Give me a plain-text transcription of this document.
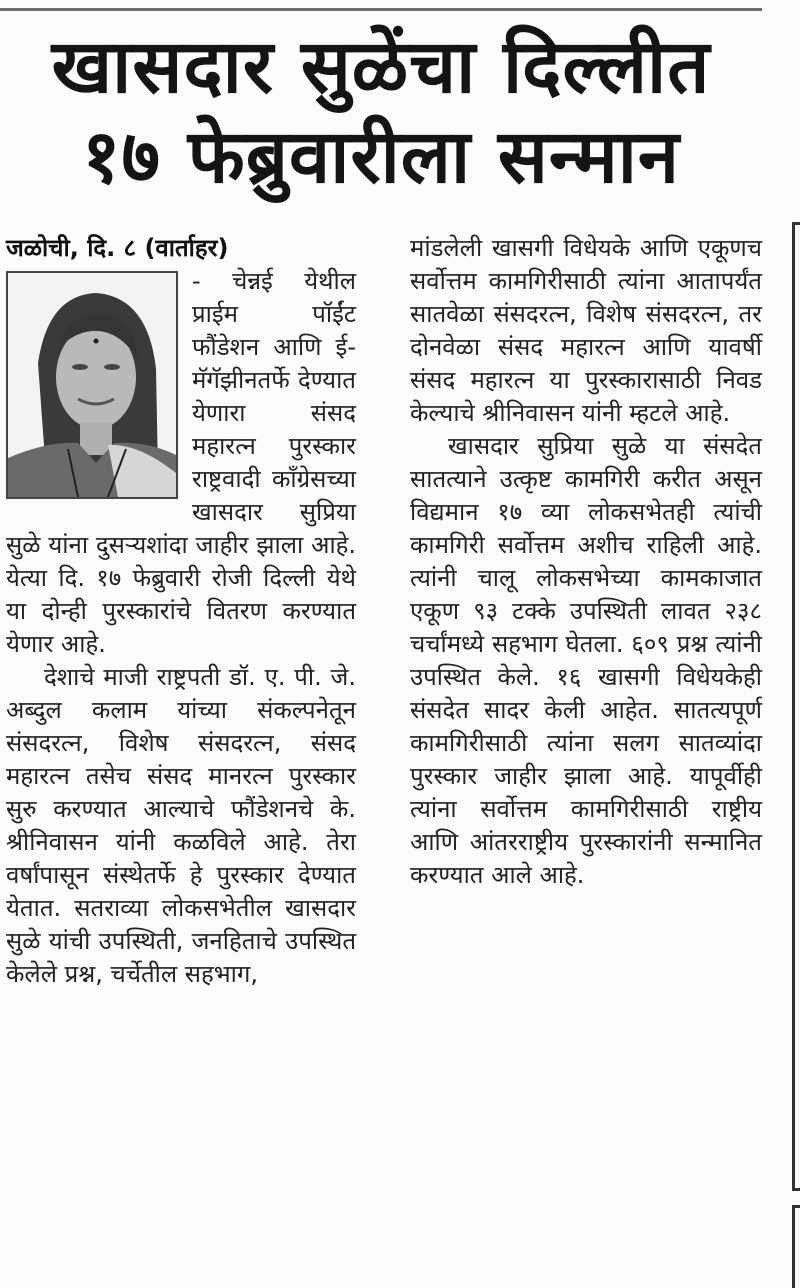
खासदार सुळेंचा दिल्लीत
१७ फेब्रुवारीला सन्मान

जळोची, दि. ८ (वार्ताहर)

- चेन्नई येथील प्राईम पॉईंट फौंडेशन आणि ई- मॅगॅझीनतर्फे देण्यात येणारा संसद महारत्न पुरस्कार राष्ट्रवादी काँग्रेसच्या खासदार सुप्रिया सुळे यांना दुसऱ्यशांदा जाहीर झाला आहे. येत्या दि. १७ फेब्रुवारी रोजी दिल्ली येथे या दोन्ही पुरस्कारांचे वितरण करण्यात येणार आहे.

देशाचे माजी राष्ट्रपती डॉ. ए. पी. जे. अब्दुल कलाम यांच्या संकल्पनेतून संसदरत्न, विशेष संसदरत्न, संसद महारत्न तसेच संसद मानरत्न पुरस्कार सुरु करण्यात आल्याचे फौंडेशनचे के. श्रीनिवासन यांनी कळविले आहे. तेरा वर्षांपासून संस्थेतर्फे हे पुरस्कार देण्यात येतात. सतराव्या लोकसभेतील खासदार सुळे यांची उपस्थिती, जनहिताचे उपस्थित केलेले प्रश्न, चर्चेतील सहभाग,

मांडलेली खासगी विधेयके आणि एकूणच सर्वोत्तम कामगिरीसाठी त्यांना आतापर्यंत सातवेळा संसदरत्न, विशेष संसदरत्न, तर दोनवेळा संसद महारत्न आणि यावर्षी संसद महारत्न या पुरस्कारासाठी निवड केल्याचे श्रीनिवासन यांनी म्हटले आहे.

खासदार सुप्रिया सुळे या संसदेत सातत्याने उत्कृष्ट कामगिरी करीत असून विद्यमान १७ व्या लोकसभेतही त्यांची कामगिरी सर्वोत्तम अशीच राहिली आहे. त्यांनी चालू लोकसभेच्या कामकाजात एकूण ९३ टक्के उपस्थिती लावत २३८ चर्चांमध्ये सहभाग घेतला. ६०९ प्रश्न त्यांनी उपस्थित केले. १६ खासगी विधेयकेही संसदेत सादर केली आहेत. सातत्यपूर्ण कामगिरीसाठी त्यांना सलग सातव्यांदा पुरस्कार जाहीर झाला आहे. यापूर्वीही त्यांना सर्वोत्तम कामगिरीसाठी राष्ट्रीय आणि आंतरराष्ट्रीय पुरस्कारांनी सन्मानित करण्यात आले आहे.
